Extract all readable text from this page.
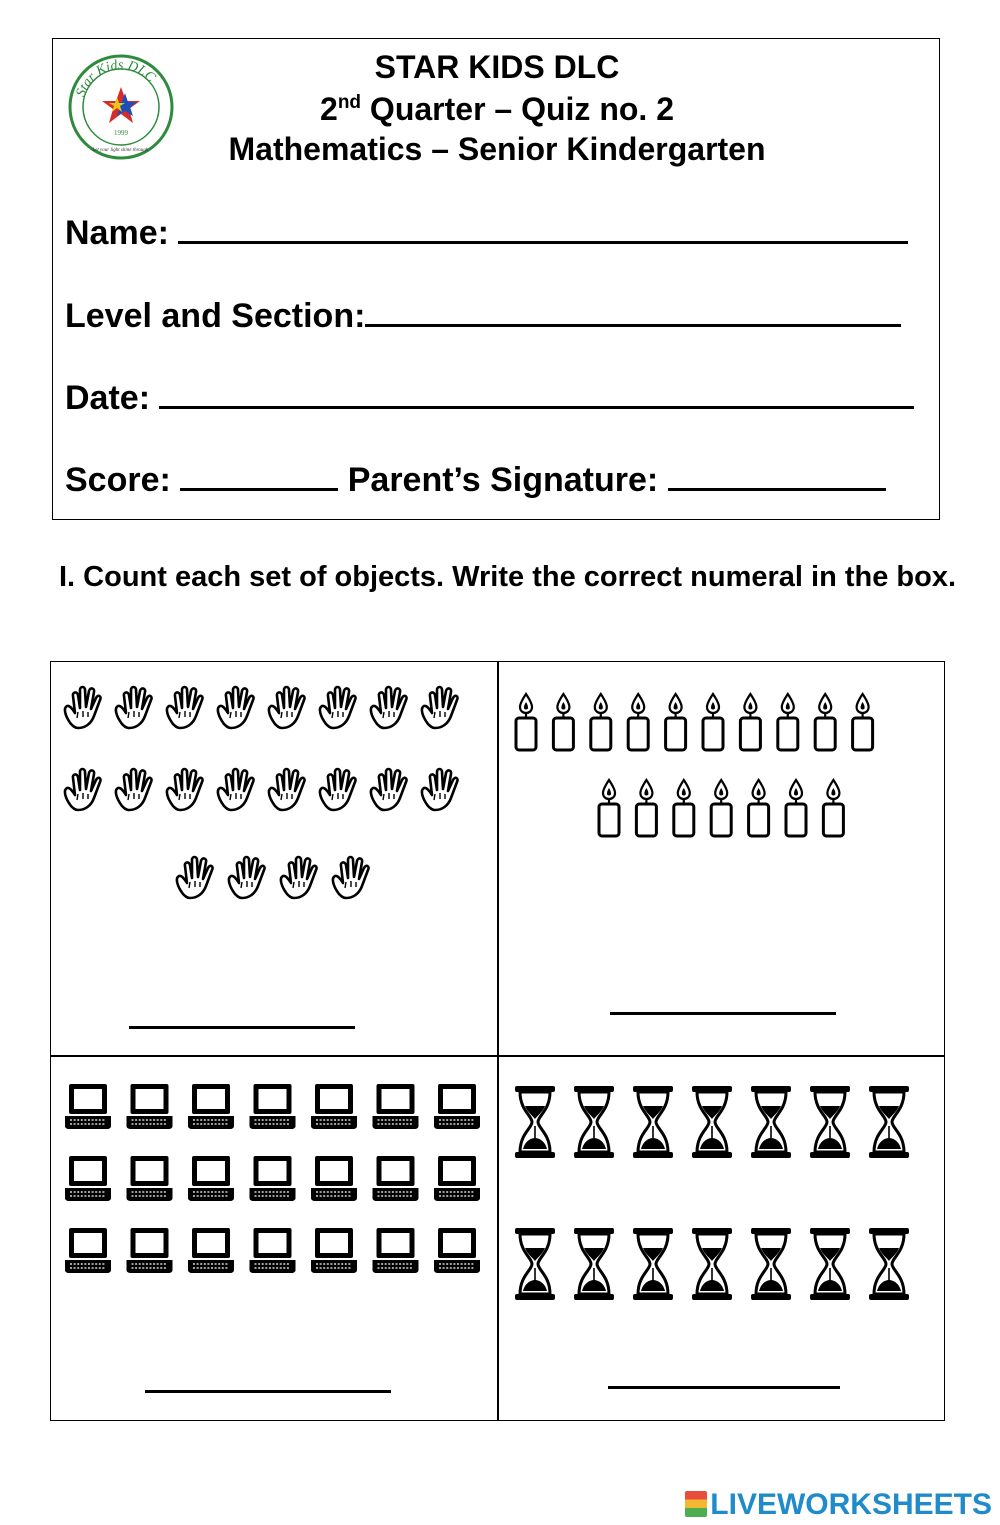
Star Kids DLC
1999
Let your light shine through.
STAR KIDS DLC
2nd Quarter – Quiz no. 2
Mathematics – Senior Kindergarten
Name:
Level and Section:
Date:
Score:	Parent’s Signature:
I. Count each set of objects. Write the correct numeral in the box.
LIVEWORKSHEETS
